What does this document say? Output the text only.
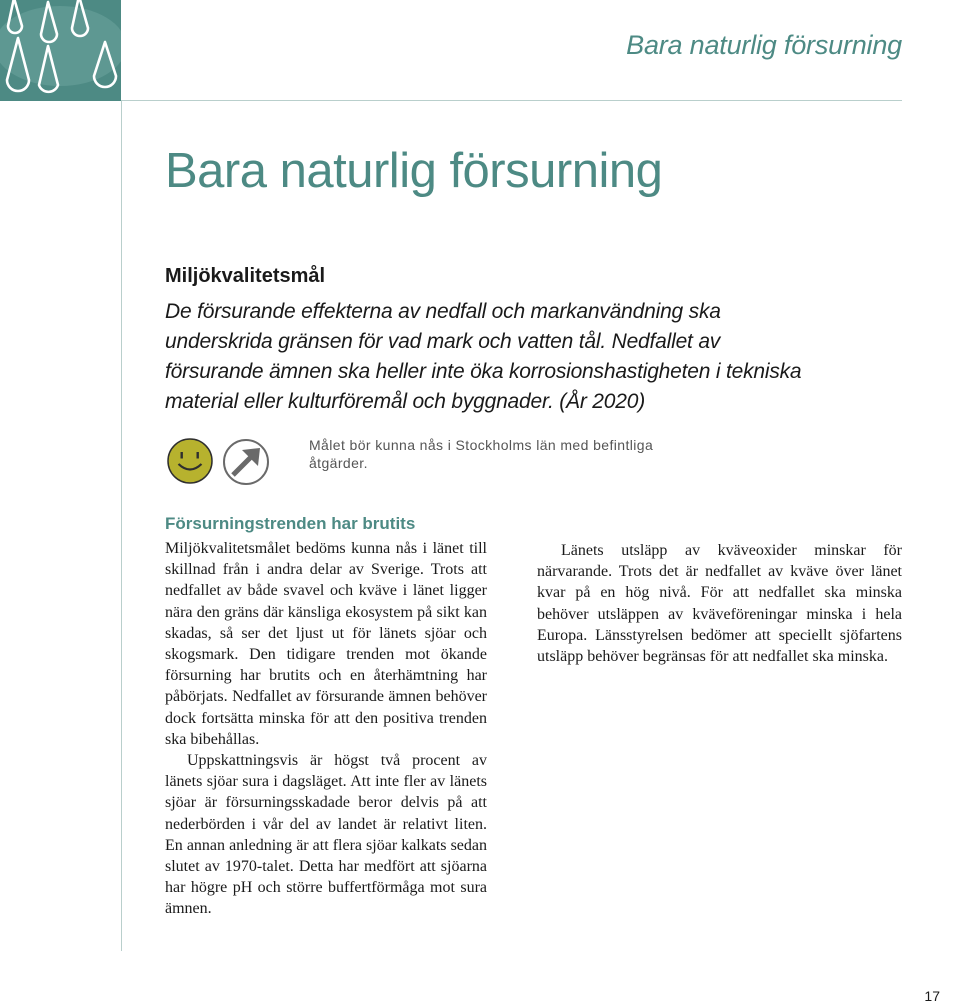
Bara naturlig försurning
Bara naturlig försurning
Miljökvalitetsmål

De försurande effekterna av nedfall och markanvändning ska underskrida gränsen för vad mark och vatten tål. Nedfallet av försurande ämnen ska heller inte öka korrosionshastigheten i tekniska material eller kulturföremål och byggnader. (År 2020)

Målet bör kunna nås i Stockholms län med befintliga åtgärder.

Försurningstrenden har brutits

Miljökvalitetsmålet bedöms kunna nås i länet till skillnad från i andra delar av Sverige. Trots att nedfallet av både svavel och kväve i länet ligger nära den gräns där känsliga ekosystem på sikt kan skadas, så ser det ljust ut för länets sjöar och skogsmark. Den tidigare trenden mot ökande försurning har brutits och en återhämtning har påbörjats. Nedfallet av försurande ämnen behöver dock fortsätta minska för att den positiva trenden ska bibehållas.

Uppskattningsvis är högst två procent av länets sjöar sura i dagsläget. Att inte fler av länets sjöar är försurningsskadade beror delvis på att nederbörden i vår del av landet är relativt liten. En annan anledning är att flera sjöar kalkats sedan slutet av 1970-talet. Detta har medfört att sjöarna har högre pH och större buffertförmåga mot sura ämnen.

Länets utsläpp av kväveoxider minskar för närvarande. Trots det är nedfallet av kväve över länet kvar på en hög nivå. För att nedfallet ska minska behöver utsläppen av kväveföreningar minska i hela Europa. Länsstyrelsen bedömer att speciellt sjöfartens utsläpp behöver begränsas för att nedfallet ska minska.

17
